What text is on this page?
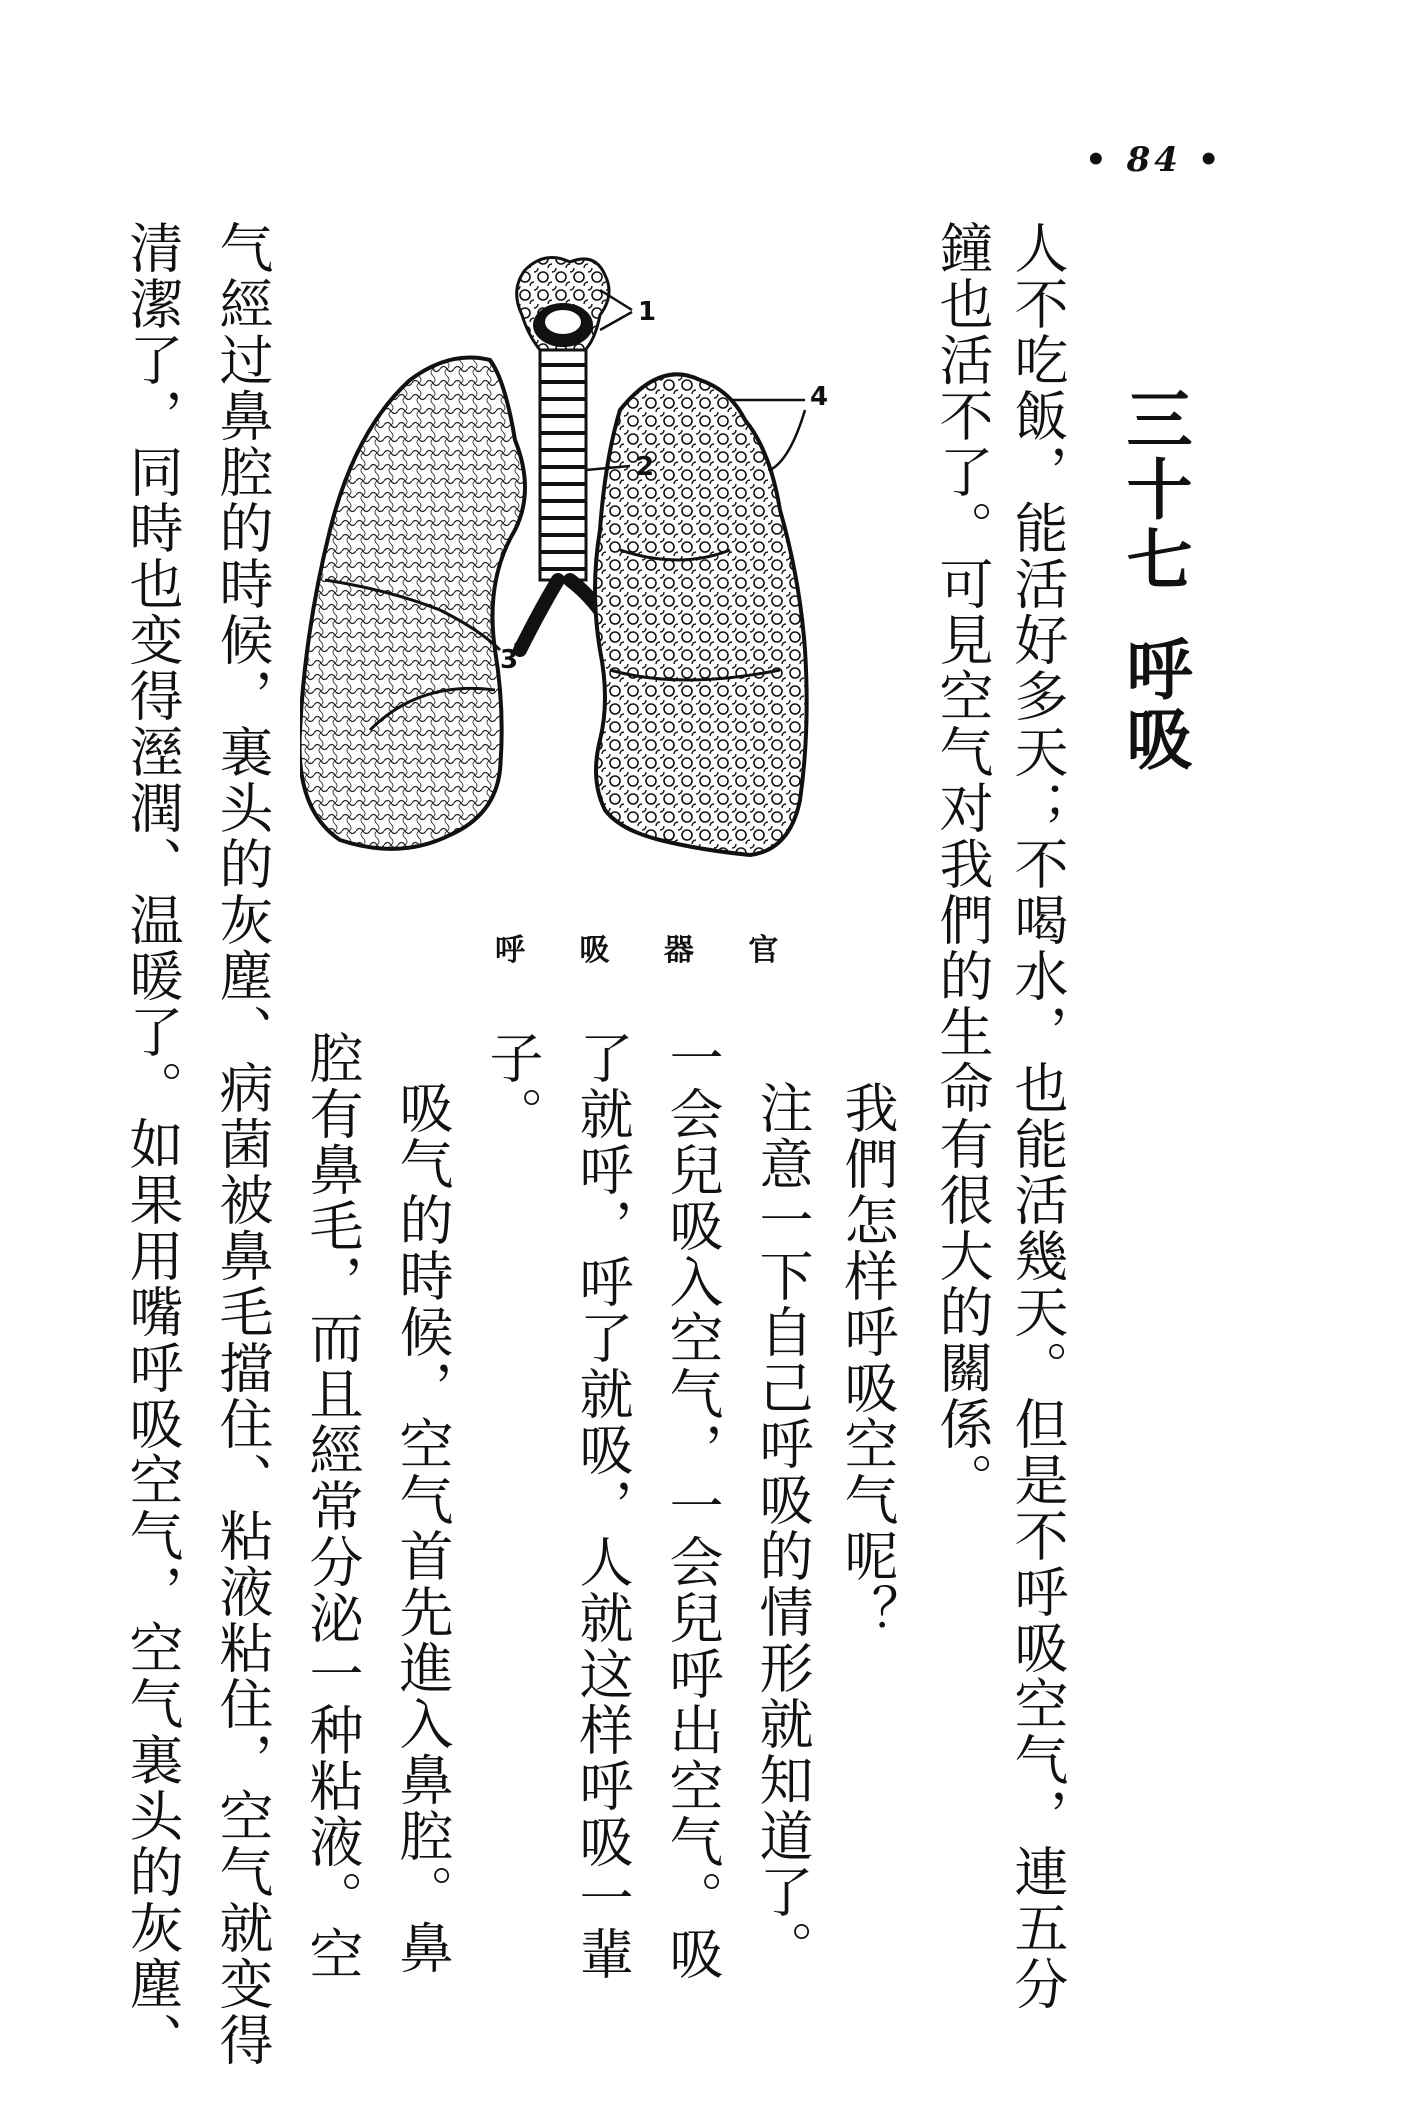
• 84 •
三十七呼吸
人不吃飯，能活好多天；不喝水，也能活幾天。但是不呼吸空气，連五分
鐘也活不了。可見空气对我們的生命有很大的關係。
我們怎样呼吸空气呢？
注意一下自己呼吸的情形就知道了。
一会兒吸入空气，一会兒呼出空气。吸
了就呼，呼了就吸，人就这样呼吸一輩
子。
吸气的時候，空气首先進入鼻腔。鼻
腔有鼻毛，而且經常分泌一种粘液。空
气經过鼻腔的時候，裏头的灰塵、病菌被鼻毛擋住、粘液粘住，空气就变得
清潔了，同時也变得溼潤、温暖了。如果用嘴呼吸空气，空气裏头的灰塵、	1
2
3
4
呼 吸 器 官
